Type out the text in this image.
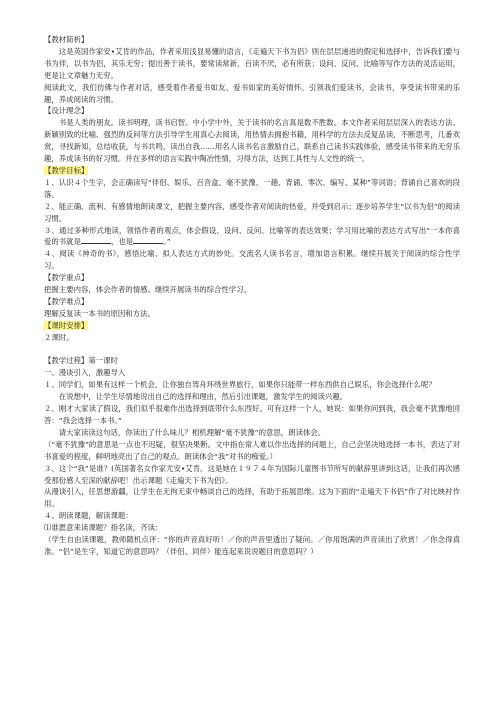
【教材简析】

这是英国作家安•艾肯的作品，作者采用浅显易懂的语言，《走遍天下书为侣》则在层层递进的假定和选择中，告诉我们要与书为伴，以书为侣，其乐无穷；提出善于读书，要常读常新，百读不厌，必有所获；设问、反问、比喻等写作方法的灵活运用，更是让文章魅力无穷。

阅读此文，我们仿佛与作者对话，感受着作者爱书如友、爱书如家的美好情怀。引领我们爱读书，会读书，享受读书带来的乐趣，养成阅读的习惯。

【设计理念】

书是人类的朋友。读书明理，读书启智。中小学中外，关于读书的名言真是数不胜数。本文作者采用层层深入的表达方法、新颖别致的比喻、强烈的反问等方法引导学生用真心去阅读，用热情去拥抱书籍，用科学的方法去反复品读，不断思考，几番欢赏，寻找新知，总结收获，与书共鸣，读出自我……用名人读书名言激励自己，联系自己读书实践体验，感受读书带来的无穷乐趣，养成读书的好习惯。并在多样的语言实践中陶冶性情，习得方法，达到工具性与人文性的统一。

【教学目标】

１、认识４个生字，会正确读写“伴侣、娱乐、百音盒、毫不犹豫、一趟、背诵、零次、编写、某种”等词语；背诵自己喜欢的段落。

２、能正确、流利、有感情地朗读课文，把握主要内容，感受作者对阅读的热爱，并受到启示；逐步培养学生“以书为侣”的阅读习惯。

３、通过多种形式地读，领悟作者的观点，体会假设、设问、反问、比喻等的表达效果；学习用比喻的表达方式写出“一本你喜爱的书就是	，也是	。”

４、阅读《神奇的书》，感悟比喻、拟人表达方式的妙处。交流名人读书名言，增加语言积累。继续开展关于阅读的综合性学习。

【教学重点】

把握主要内容，体会作者的情感。继续开展读书的综合性学习。

【教学难点】

理解反复读一本书的原因和方法。

【课时安排】

２课时。

【教学过程】第一课时

一、漫谈引入，激趣导入

１、同学们，如果有这样一个机会，让你独自驾舟环绕世界旅行，如果你只能带一样东西供自己娱乐，你会选择什么呢？

在说想中，让学生尽情地说出自己的选择和理由，然后引出课题，激发学生的阅读兴趣。

２、刚才大家读了假设，我们似乎很难作出选择到底带什么东西好。可有这样一个人，她说：如果你问到我，我会毫不犹豫地回答：“我会选择一本书。”

请大家读读这句话，你读出了什么味儿？相机理解“毫不犹豫”的意思，朗读体会。

（“毫不犹豫”的意思是一点也不迟疑，很坚决果断。文中指在常人难以作出选择的问题上，自己会坚决地选择一本书，表达了对书喜爱的程度，鲜明地亮出了自己的观点。朗读体会“我”对书的痴爱。）

３、这个“我”是谁？(英国著名女作家尤安•艾肯。这是她在１９７４年为国际儿童图书节所写的献辞里讲到这话，让我们再次感受那份感人至深的献辞吧！出示课题《走遍天下书为侣》。

从漫谈引入，任思想游疆，让学生在无拘无束中畅谈自己的选择，有助于拓展思维。这为下面的“走遍天下书侣”作了对比映衬作用。

４、朗读课题，解读课题：

⑴谁愿意来读课题？指名读，齐读：

（学生自由读课题，教师随机点评：“你的声音真好听！／你的声音里透出了疑问。／你用饱满的声音读出了欣赏！／你念得真准。“侣”是生字，知道它的意思吗？（伴侣、同伴）能连起来说说题目的意思吗？）
